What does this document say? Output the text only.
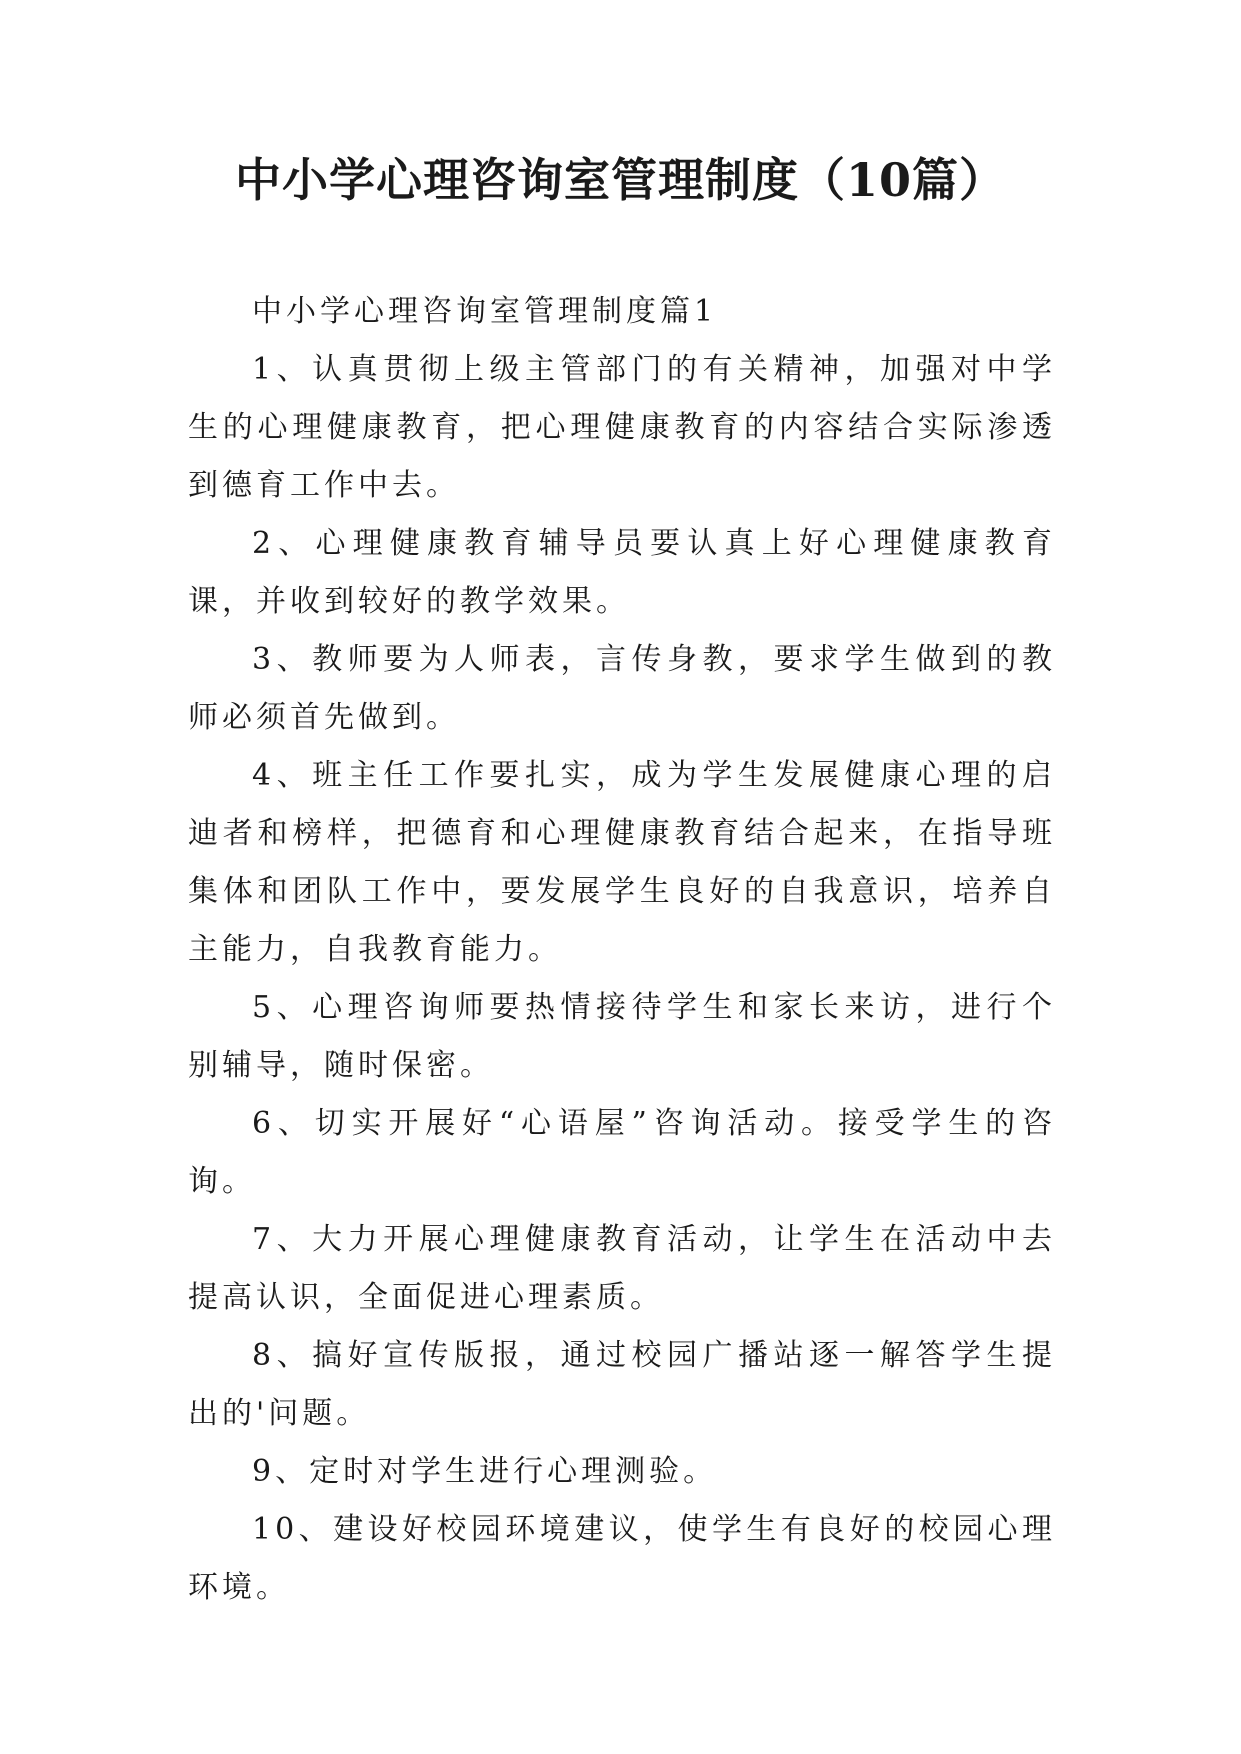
中小学心理咨询室管理制度（10篇）

中小学心理咨询室管理制度篇1

1、认真贯彻上级主管部门的有关精神，加强对中学生的心理健康教育，把心理健康教育的内容结合实际渗透到德育工作中去。

2、心理健康教育辅导员要认真上好心理健康教育课，并收到较好的教学效果。

3、教师要为人师表，言传身教，要求学生做到的教师必须首先做到。

4、班主任工作要扎实，成为学生发展健康心理的启迪者和榜样，把德育和心理健康教育结合起来，在指导班集体和团队工作中，要发展学生良好的自我意识，培养自主能力，自我教育能力。

5、心理咨询师要热情接待学生和家长来访，进行个别辅导，随时保密。

6、切实开展好“心语屋”咨询活动。接受学生的咨询。

7、大力开展心理健康教育活动，让学生在活动中去提高认识，全面促进心理素质。

8、搞好宣传版报，通过校园广播站逐一解答学生提出的'问题。

9、定时对学生进行心理测验。

10、建设好校园环境建议，使学生有良好的校园心理环境。
